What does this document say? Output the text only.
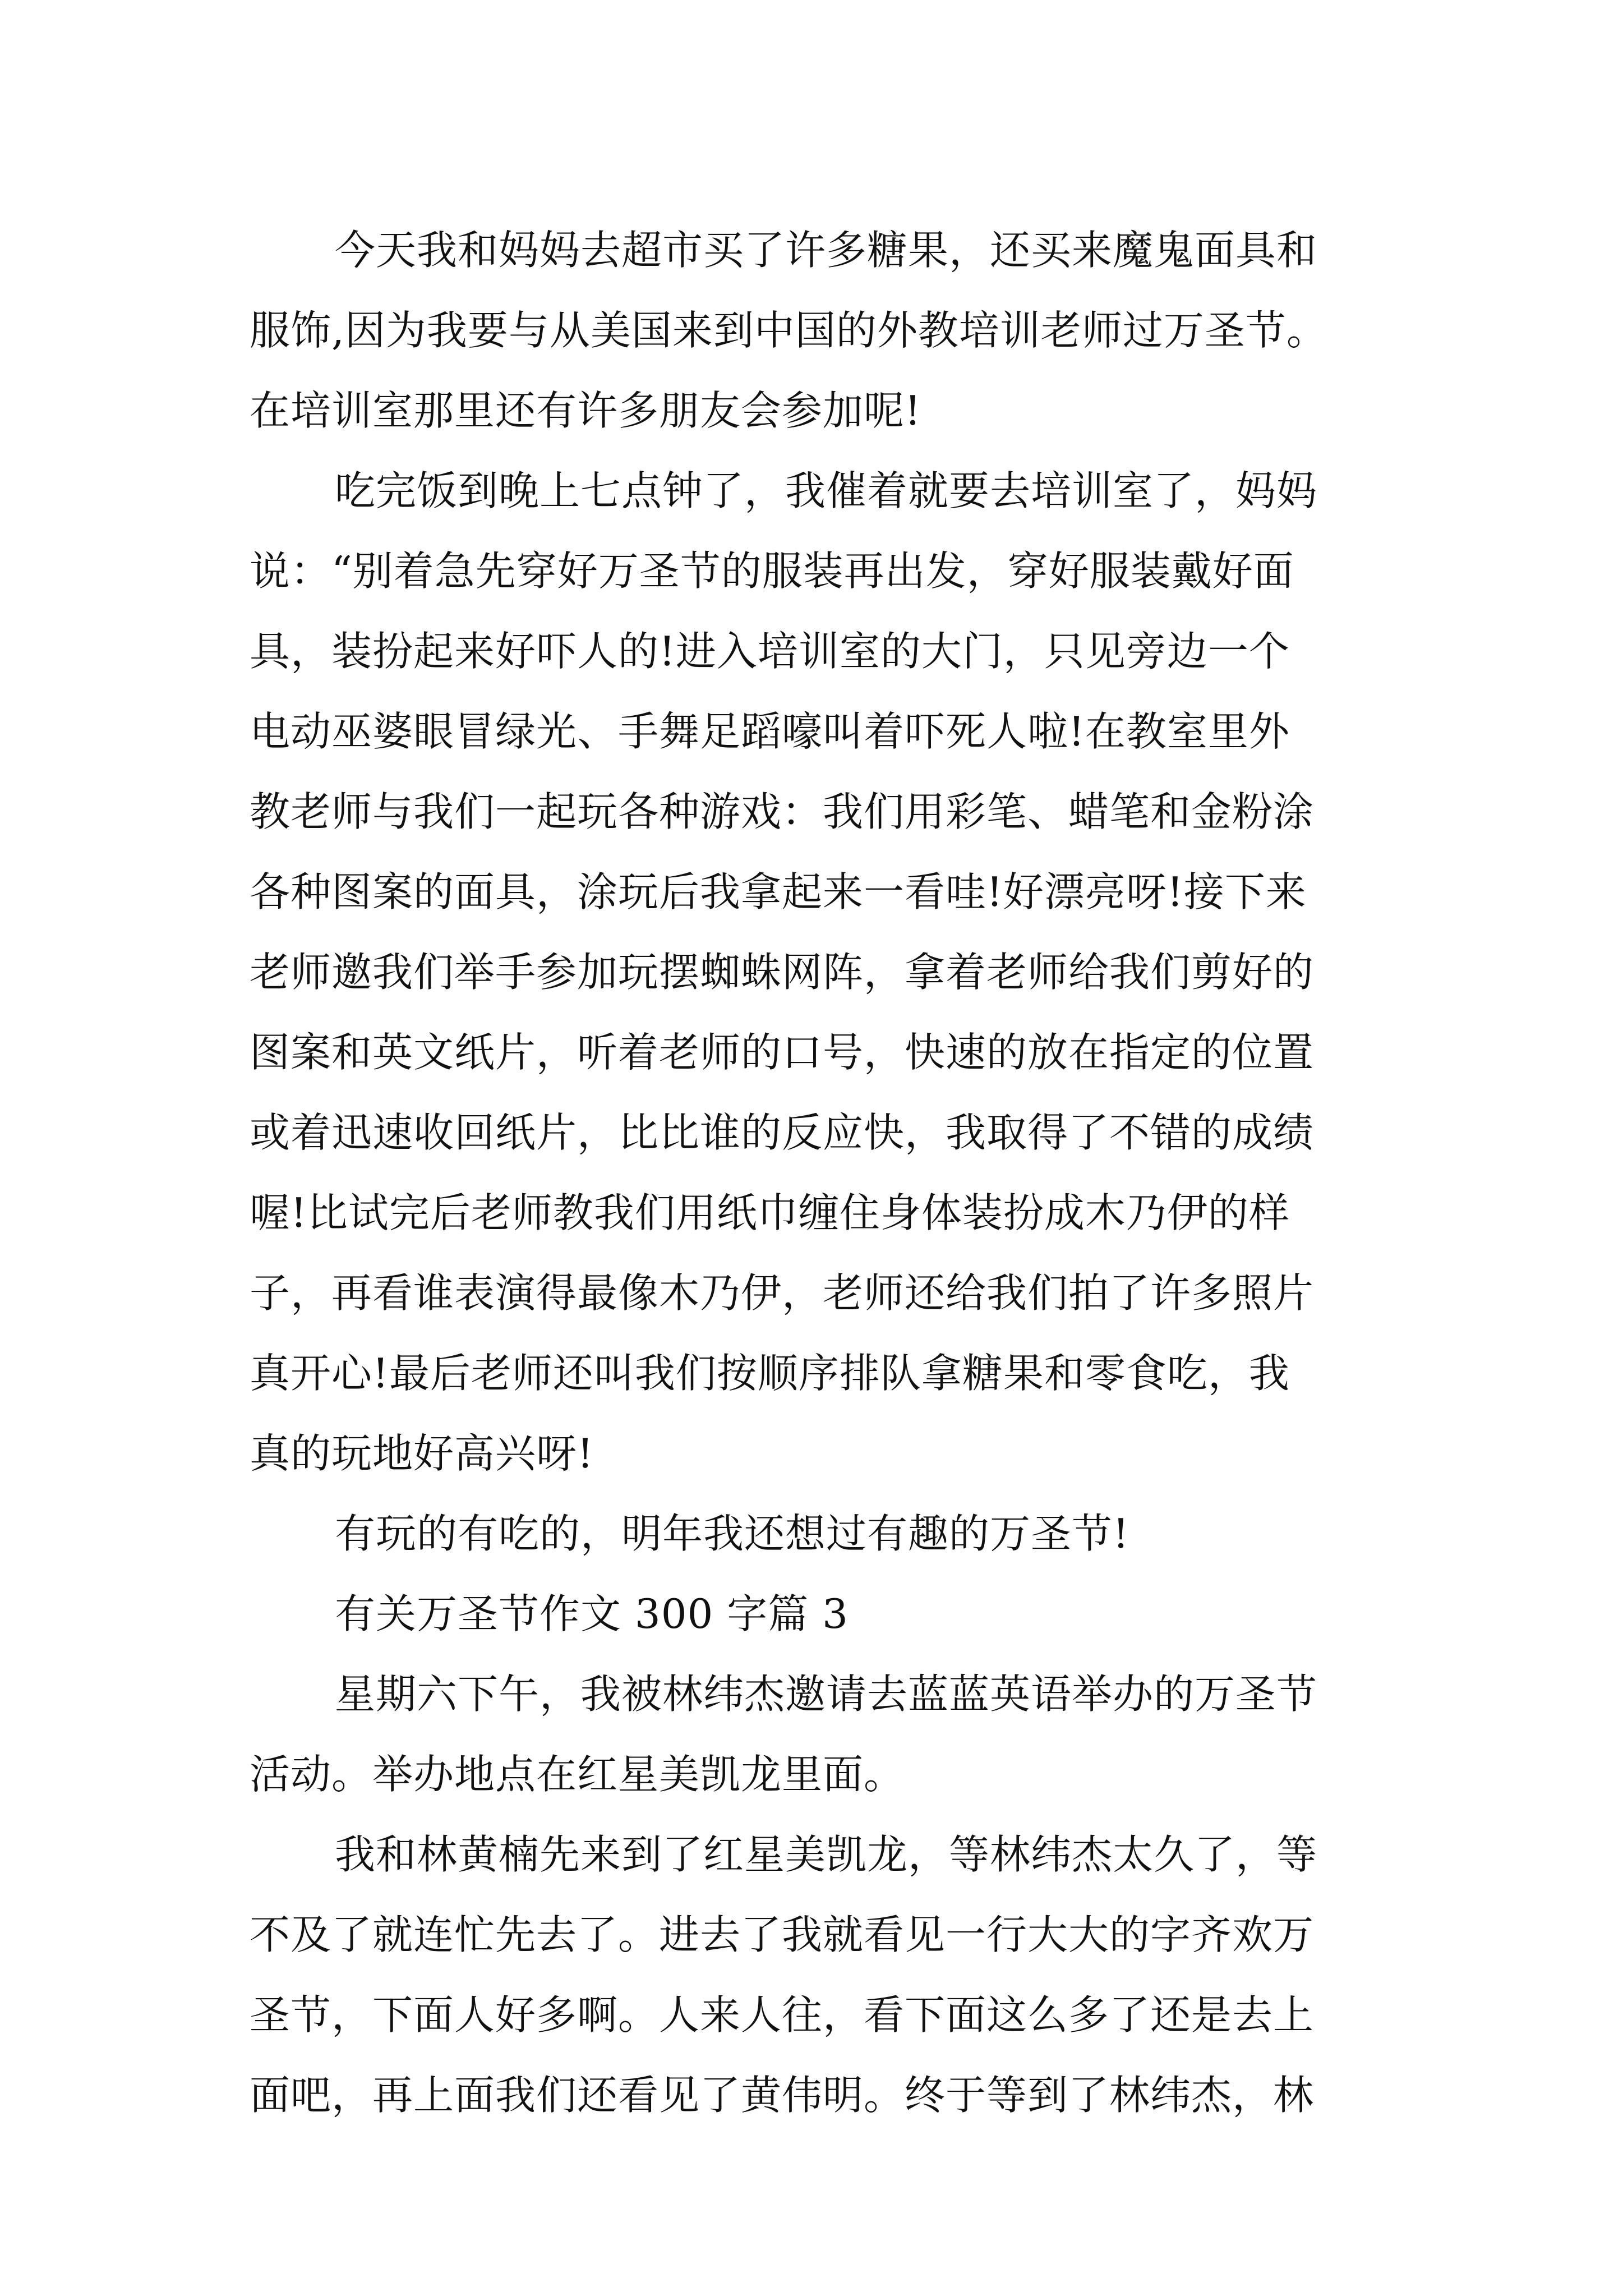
今天我和妈妈去超市买了许多糖果，还买来魔鬼面具和
服饰,因为我要与从美国来到中国的外教培训老师过万圣节。
在培训室那里还有许多朋友会参加呢!
吃完饭到晚上七点钟了，我催着就要去培训室了，妈妈
说：“别着急先穿好万圣节的服装再出发，穿好服装戴好面
具，装扮起来好吓人的!进入培训室的大门，只见旁边一个
电动巫婆眼冒绿光、手舞足蹈嚎叫着吓死人啦!在教室里外
教老师与我们一起玩各种游戏：我们用彩笔、蜡笔和金粉涂
各种图案的面具，涂玩后我拿起来一看哇!好漂亮呀!接下来
老师邀我们举手参加玩摆蜘蛛网阵，拿着老师给我们剪好的
图案和英文纸片，听着老师的口号，快速的放在指定的位置
或着迅速收回纸片，比比谁的反应快，我取得了不错的成绩
喔!比试完后老师教我们用纸巾缠住身体装扮成木乃伊的样
子，再看谁表演得最像木乃伊，老师还给我们拍了许多照片
真开心!最后老师还叫我们按顺序排队拿糖果和零食吃，我
真的玩地好高兴呀!
有玩的有吃的，明年我还想过有趣的万圣节!
有关万圣节作文 300 字篇 3
星期六下午，我被林纬杰邀请去蓝蓝英语举办的万圣节
活动。举办地点在红星美凯龙里面。
我和林黄楠先来到了红星美凯龙，等林纬杰太久了，等
不及了就连忙先去了。进去了我就看见一行大大的字齐欢万
圣节，下面人好多啊。人来人往，看下面这么多了还是去上
面吧，再上面我们还看见了黄伟明。终于等到了林纬杰，林
